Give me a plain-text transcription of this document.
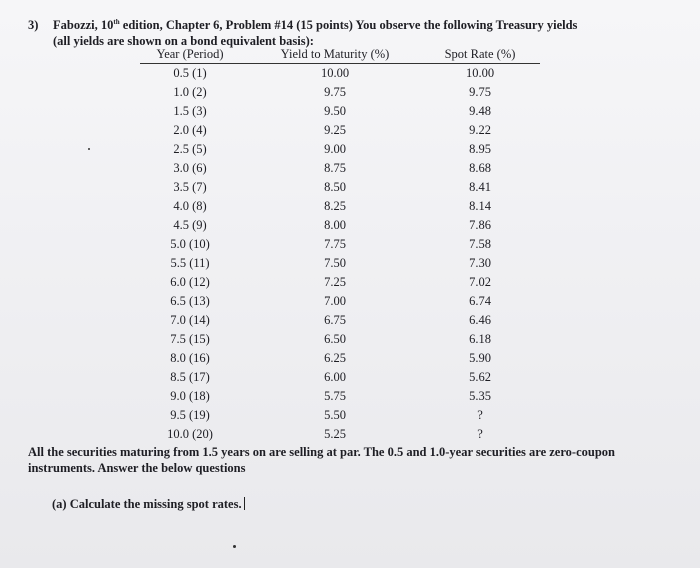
3) Fabozzi, 10th edition, Chapter 6, Problem #14 (15 points) You observe the following Treasury yields
(all yields are shown on a bond equivalent basis):
Year (Period)	Yield to Maturity (%)	Spot Rate (%)
0.5 (1)	10.00	10.00
1.0 (2)	9.75	9.75
1.5 (3)	9.50	9.48
2.0 (4)	9.25	9.22
2.5 (5)	9.00	8.95
3.0 (6)	8.75	8.68
3.5 (7)	8.50	8.41
4.0 (8)	8.25	8.14
4.5 (9)	8.00	7.86
5.0 (10)	7.75	7.58
5.5 (11)	7.50	7.30
6.0 (12)	7.25	7.02
6.5 (13)	7.00	6.74
7.0 (14)	6.75	6.46
7.5 (15)	6.50	6.18
8.0 (16)	6.25	5.90
8.5 (17)	6.00	5.62
9.0 (18)	5.75	5.35
9.5 (19)	5.50	?
10.0 (20)	5.25	?
All the securities maturing from 1.5 years on are selling at par. The 0.5 and 1.0-year securities are zero-coupon instruments. Answer the below questions
(a) Calculate the missing spot rates.
